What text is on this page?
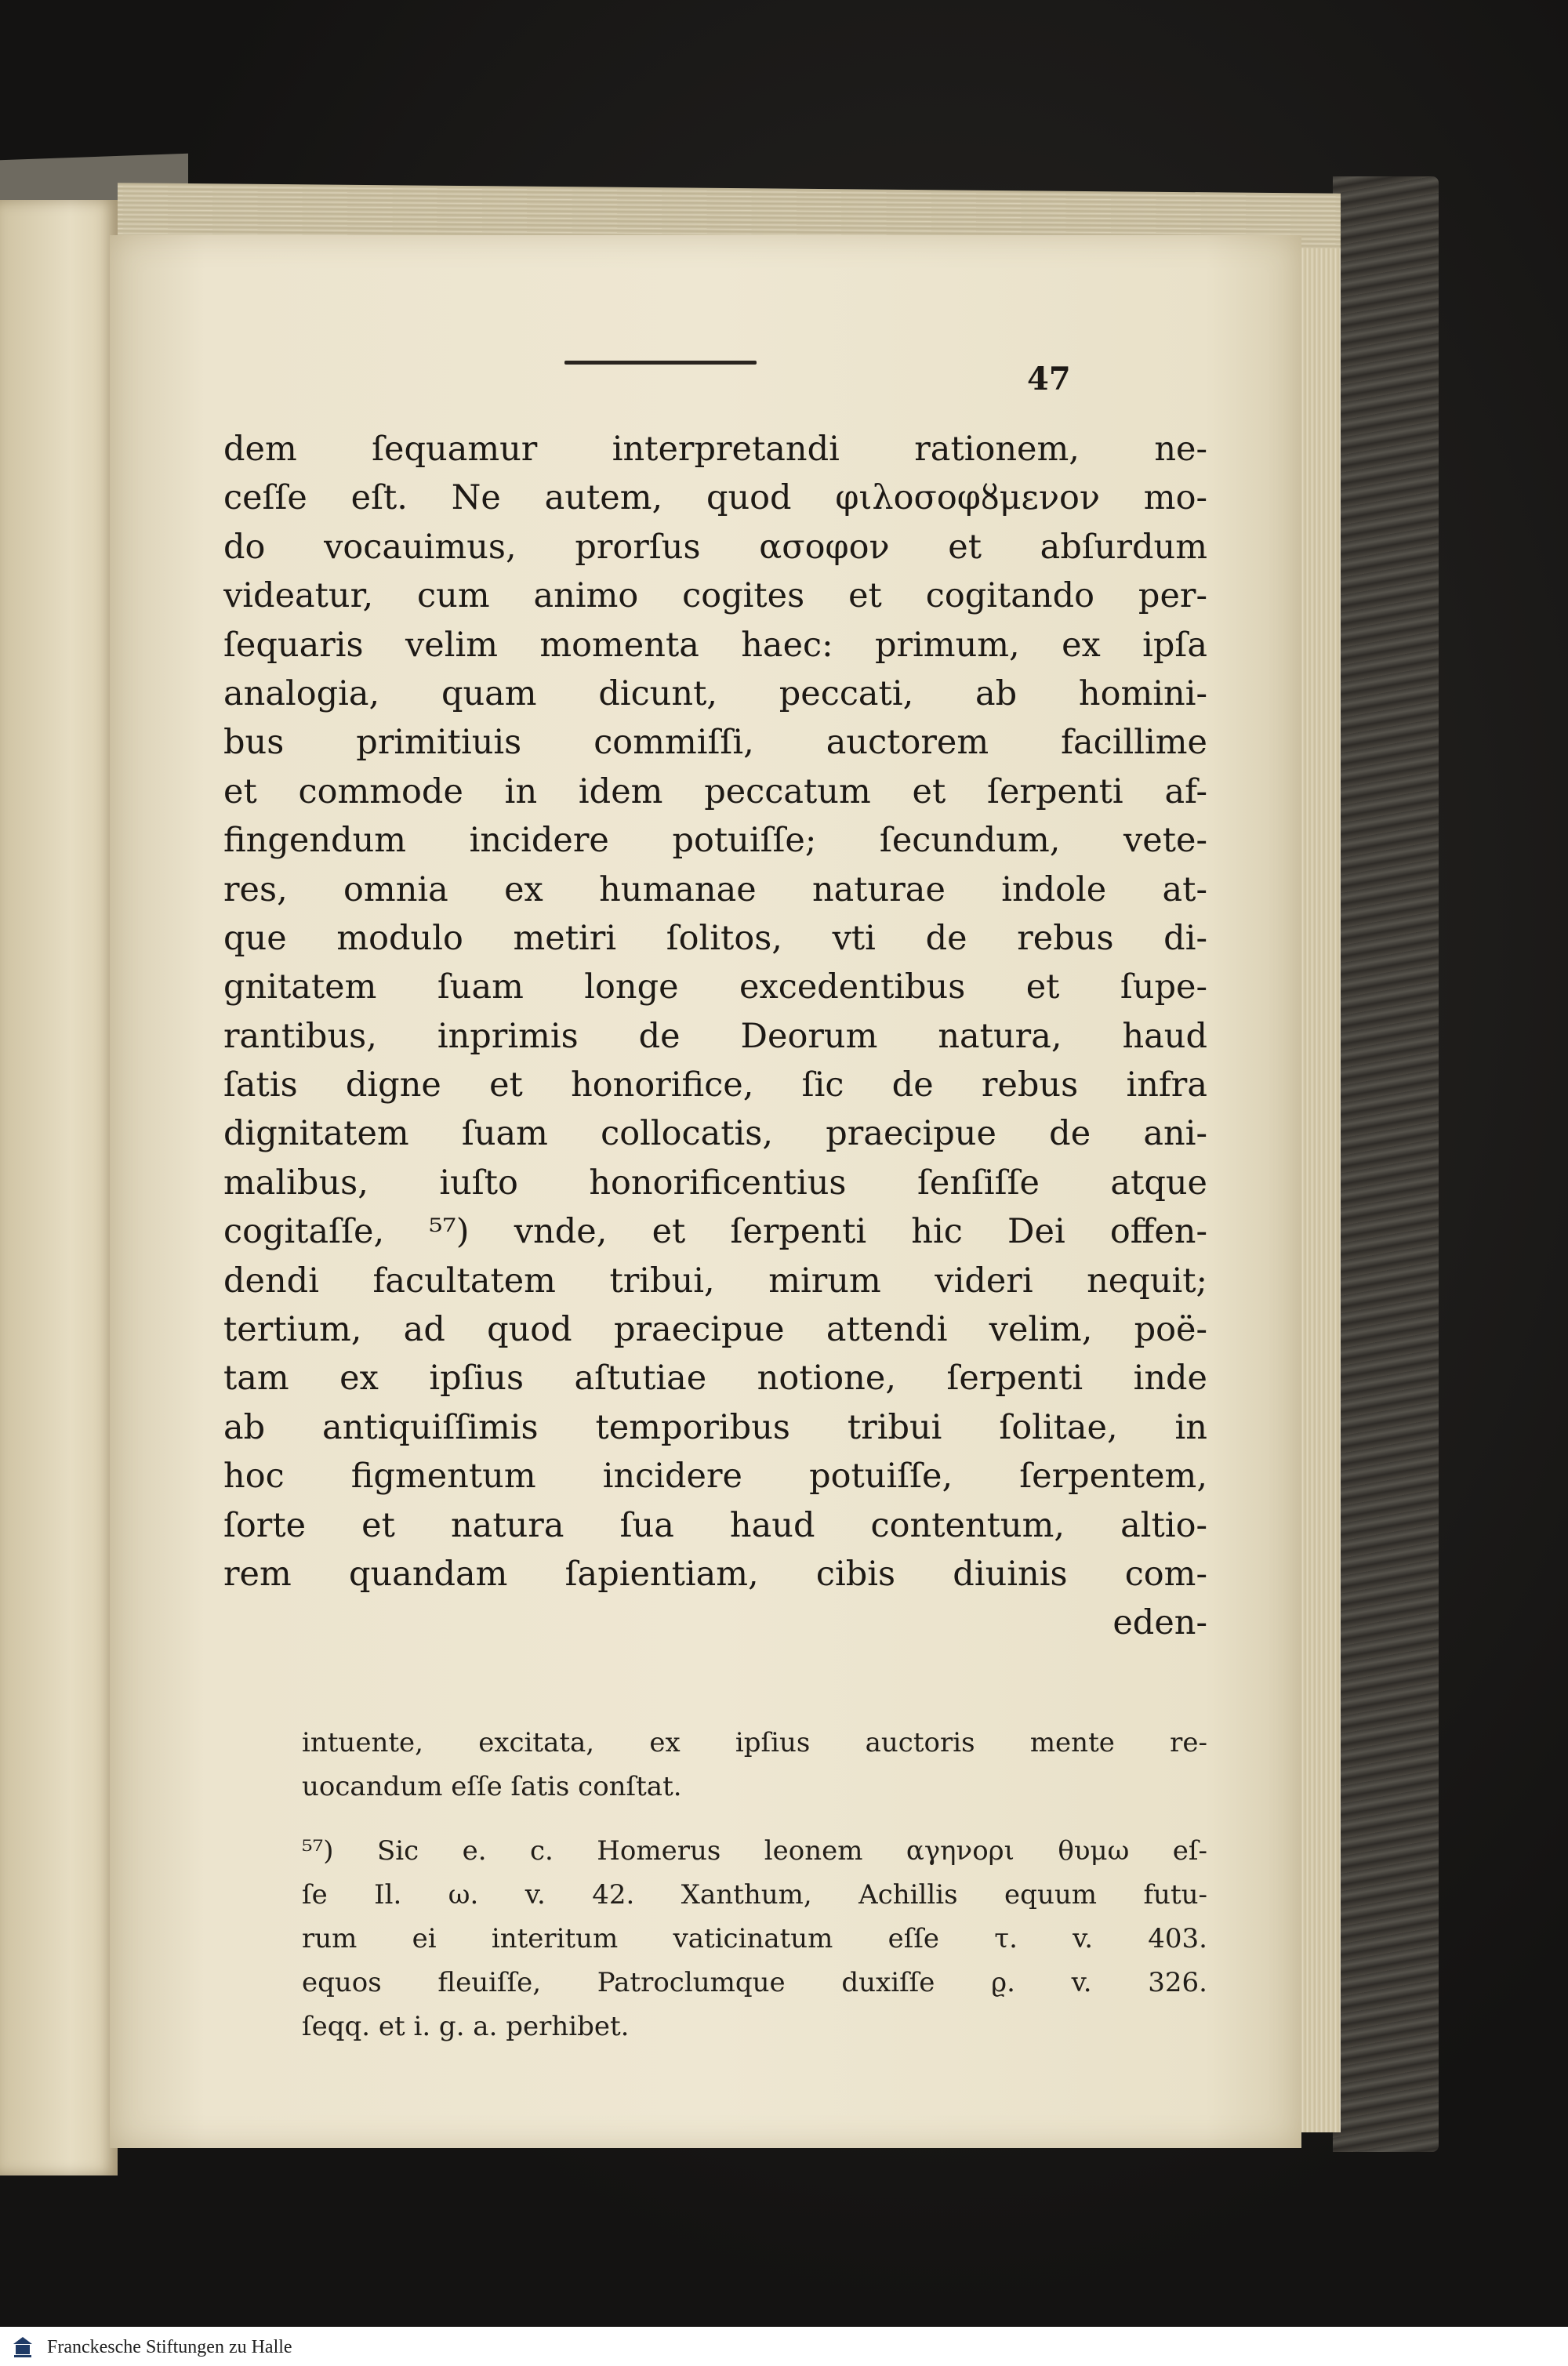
47
dem ſequamur interpretandi rationem, ne-
ceſſe eſt. Ne autem, quod φιλοσοφȣμενον mo-
do vocauimus, prorſus ασοφον et abſurdum
videatur, cum animo cogites et cogitando per-
ſequaris velim momenta haec: primum, ex ipſa
analogia, quam dicunt, peccati, ab homini-
bus primitiuis commiſſi, auctorem facillime
et commode in idem peccatum et ſerpenti af-
fingendum incidere potuiſſe; ſecundum, vete-
res, omnia ex humanae naturae indole at-
que modulo metiri ſolitos, vti de rebus di-
gnitatem ſuam longe excedentibus et ſupe-
rantibus, inprimis de Deorum natura, haud
ſatis digne et honorifice, ſic de rebus infra
dignitatem ſuam collocatis, praecipue de ani-
malibus, iuſto honorificentius ſenſiſſe atque
cogitaſſe, ⁵⁷) vnde, et ſerpenti hic Dei offen-
dendi facultatem tribui, mirum videri nequit;
tertium, ad quod praecipue attendi velim, poë-
tam ex ipſius aſtutiae notione, ſerpenti inde
ab antiquiſſimis temporibus tribui ſolitae, in
hoc figmentum incidere potuiſſe, ſerpentem,
ſorte et natura ſua haud contentum, altio-
rem quandam ſapientiam, cibis diuinis com-
eden-
intuente, excitata, ex ipſius auctoris mente re-
uocandum eſſe ſatis conſtat.
⁵⁷) Sic e. c. Homerus leonem αγηνορι θυμω eſ-
ſe Il. ω. v. 42. Xanthum, Achillis equum futu-
rum ei interitum vaticinatum eſſe τ. v. 403.
equos fleuiſſe, Patroclumque duxiſſe ϱ. v. 326.
ſeqq. et i. g. a. perhibet.
Franckesche Stiftungen zu Halle
